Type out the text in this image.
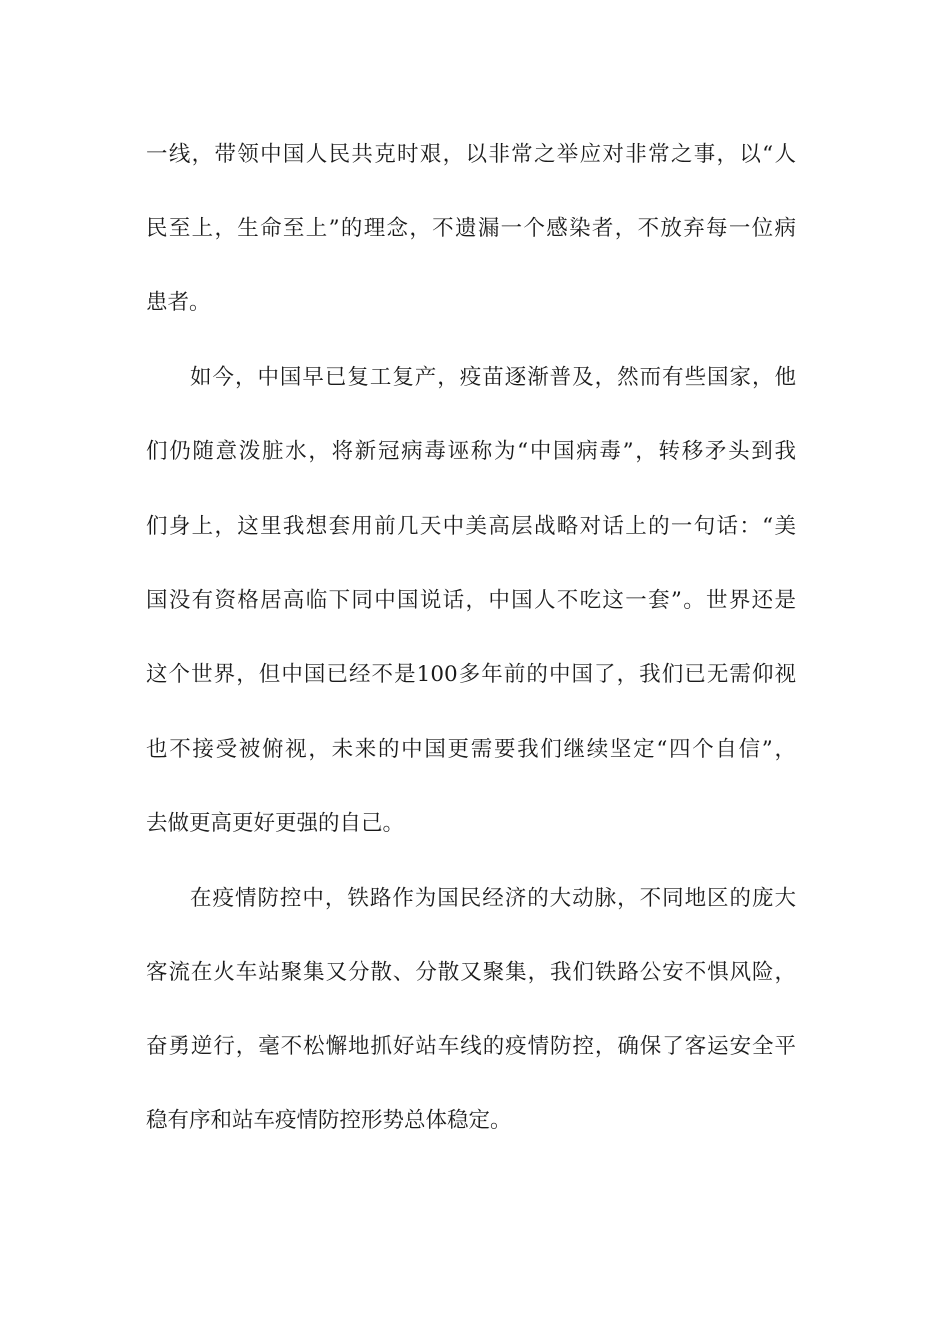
一线，带领中国人民共克时艰，以非常之举应对非常之事，以“人
民至上，生命至上”的理念，不遗漏一个感染者，不放弃每一位病
患者。
如今，中国早已复工复产，疫苗逐渐普及，然而有些国家，他
们仍随意泼脏水，将新冠病毒诬称为“中国病毒”，转移矛头到我
们身上，这里我想套用前几天中美高层战略对话上的一句话：“美
国没有资格居高临下同中国说话，中国人不吃这一套”。世界还是
这个世界，但中国已经不是100多年前的中国了，我们已无需仰视
也不接受被俯视，未来的中国更需要我们继续坚定“四个自信”，
去做更高更好更强的自己。
在疫情防控中，铁路作为国民经济的大动脉，不同地区的庞大
客流在火车站聚集又分散、分散又聚集，我们铁路公安不惧风险，
奋勇逆行，毫不松懈地抓好站车线的疫情防控，确保了客运安全平
稳有序和站车疫情防控形势总体稳定。
